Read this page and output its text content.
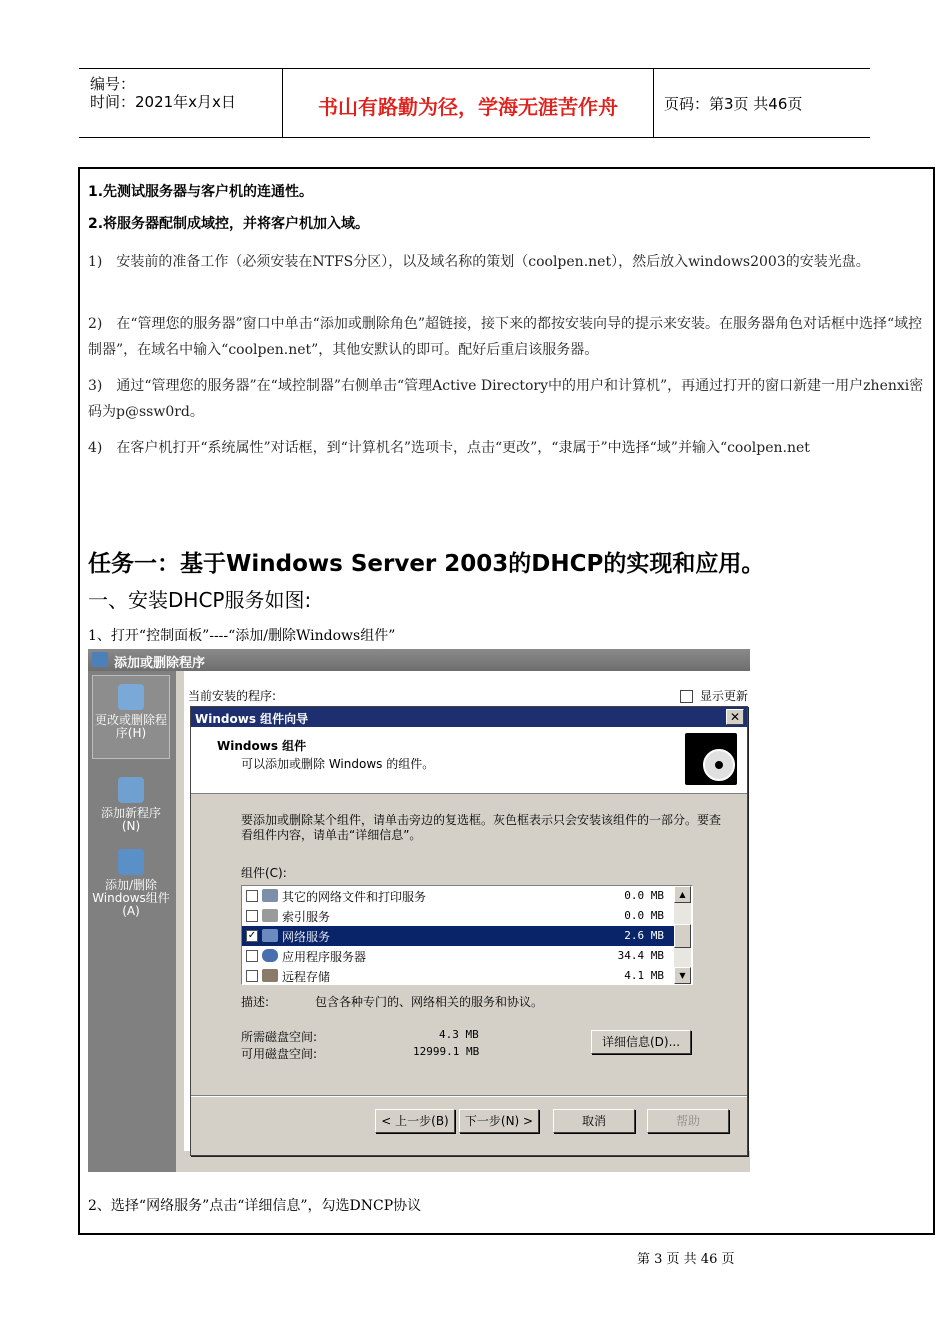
编号：
时间：2021年x月x日	书山有路勤为径，学海无涯苦作舟	页码：第3页 共46页
1.先测试服务器与客户机的连通性。
2.将服务器配制成域控，并将客户机加入域。
1)　安装前的准备工作（必须安装在NTFS分区），以及域名称的策划（coolpen.net），然后放入windows2003的安装光盘。
2)　在“管理您的服务器”窗口中单击“添加或删除角色”超链接，接下来的都按安装向导的提示来安装。在服务器角色对话框中选择“域控制器”，在域名中输入“coolpen.net”，其他安默认的即可。配好后重启该服务器。
3)　通过“管理您的服务器”在“域控制器”右侧单击“管理Active Directory中的用户和计算机”，再通过打开的窗口新建一用户zhenxi密码为p@ssw0rd。
4)　在客户机打开“系统属性”对话框，到“计算机名”选项卡，点击“更改”，“隶属于”中选择“域”并输入“coolpen.net
任务一：基于Windows Server 2003的DHCP的实现和应用。
一、安装DHCP服务如图:
1、打开“控制面板”----“添加/删除Windows组件”
添加或删除程序
更改或删除程序(H)
添加新程序(N)
添加/删除Windows组件(A)
当前安装的程序:	显示更新
Windows 组件向导	✕
Windows 组件
可以添加或删除 Windows 的组件。
要添加或删除某个组件，请单击旁边的复选框。灰色框表示只会安装该组件的一部分。要查看组件内容，请单击“详细信息”。
组件(C):
其它的网络文件和打印服务	0.0 MB
索引服务	0.0 MB
✓ 网络服务	2.6 MB
应用程序服务器	34.4 MB
远程存储	4.1 MB
▲
▼
描述:	包含各种专门的、网络相关的服务和协议。
所需磁盘空间:	4.3 MB
可用磁盘空间:	12999.1 MB
详细信息(D)...
< 上一步(B)	下一步(N) >	取消	帮助
2、选择“网络服务”点击“详细信息”，勾选DNCP协议
第 3 页 共 46 页
